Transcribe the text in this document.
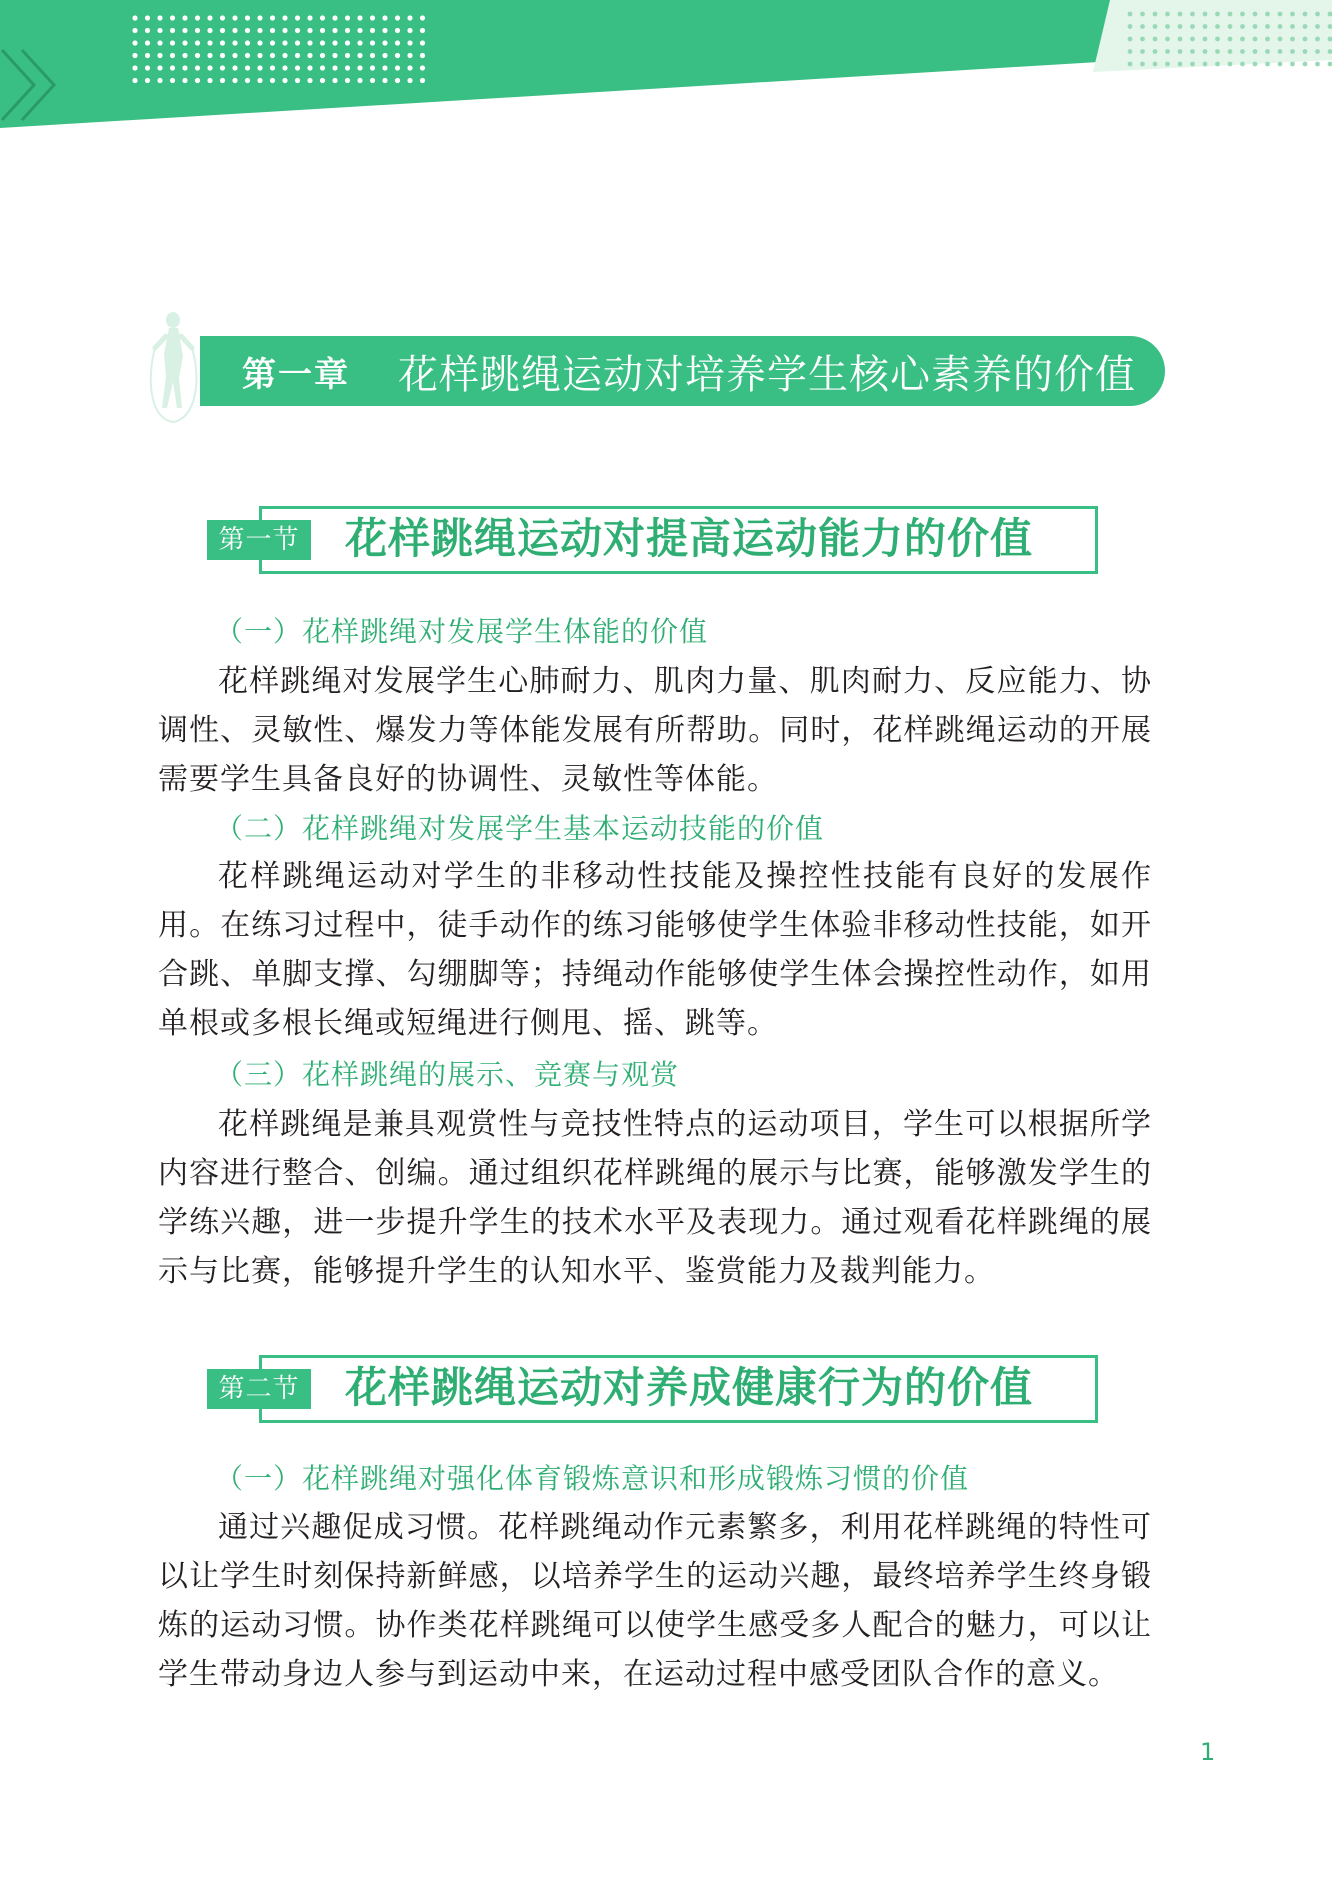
第一章 花样跳绳运动对培养学生核心素养的价值
第一节 花样跳绳运动对提高运动能力的价值
（一）花样跳绳对发展学生体能的价值
花样跳绳对发展学生心肺耐力、肌肉力量、肌肉耐力、反应能力、协调性、灵敏性、爆发力等体能发展有所帮助。同时，花样跳绳运动的开展需要学生具备良好的协调性、灵敏性等体能。
（二）花样跳绳对发展学生基本运动技能的价值
花样跳绳运动对学生的非移动性技能及操控性技能有良好的发展作用。在练习过程中，徒手动作的练习能够使学生体验非移动性技能，如开合跳、单脚支撑、勾绷脚等；持绳动作能够使学生体会操控性动作，如用单根或多根长绳或短绳进行侧甩、摇、跳等。
（三）花样跳绳的展示、竞赛与观赏
花样跳绳是兼具观赏性与竞技性特点的运动项目，学生可以根据所学内容进行整合、创编。通过组织花样跳绳的展示与比赛，能够激发学生的学练兴趣，进一步提升学生的技术水平及表现力。通过观看花样跳绳的展示与比赛，能够提升学生的认知水平、鉴赏能力及裁判能力。
第二节 花样跳绳运动对养成健康行为的价值
（一）花样跳绳对强化体育锻炼意识和形成锻炼习惯的价值
通过兴趣促成习惯。花样跳绳动作元素繁多，利用花样跳绳的特性可以让学生时刻保持新鲜感，以培养学生的运动兴趣，最终培养学生终身锻炼的运动习惯。协作类花样跳绳可以使学生感受多人配合的魅力，可以让学生带动身边人参与到运动中来，在运动过程中感受团队合作的意义。
1
